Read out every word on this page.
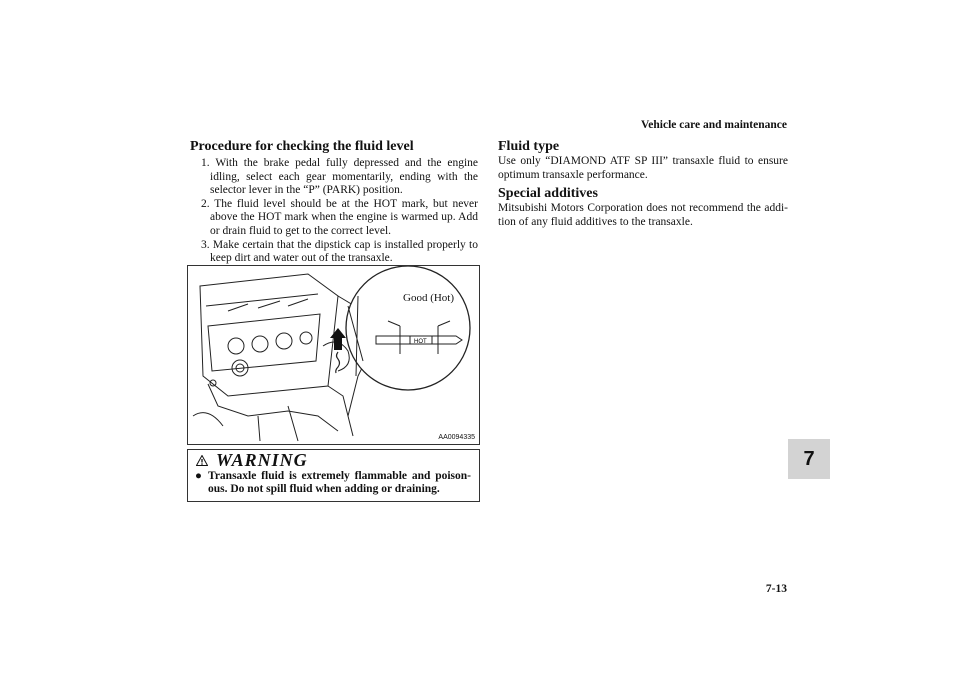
Vehicle care and maintenance
7
Procedure for checking the fluid level
1. With the brake pedal fully depressed and the engine idling, select each gear momentarily, ending with the selector lever in the “P” (PARK) position.
2. The fluid level should be at the HOT mark, but never above the HOT mark when the engine is warmed up. Add or drain fluid to get to the correct level.
3. Make certain that the dipstick cap is installed properly to keep dirt and water out of the transaxle.
HOT
Good (Hot)
AA0094335
WARNING
● Transaxle fluid is extremely flammable and poison-ous. Do not spill fluid when adding or draining.
Fluid type

Use only “DIAMOND ATF SP III” transaxle fluid to ensure optimum transaxle performance.

Special additives

Mitsubishi Motors Corporation does not recommend the addi-tion of any fluid additives to the transaxle.

7-13
